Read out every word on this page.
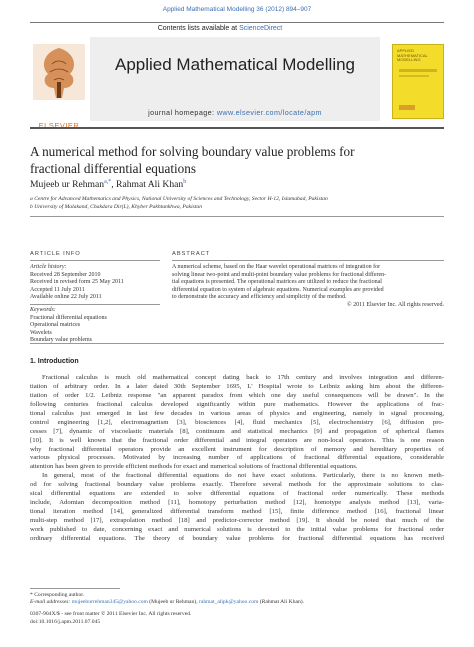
Applied Mathematical Modelling 36 (2012) 894–907
Contents lists available at ScienceDirect
ELSEVIER
Applied Mathematical Modelling
journal homepage: www.elsevier.com/locate/apm
APPLIED MATHEMATICAL MODELLING
A numerical method for solving boundary value problems for
fractional differential equations
Mujeeb ur Rehman$^{a,*}$, Rahmat Ali Khan$^b$
a Centre for Advanced Mathematics and Physics, National University of Sciences and Technology, Sector H-12, Islamabad, Pakistan
b University of Malakand, Chakdara Dir(L), Khyber Pakhtunkhwa, Pakistan
ARTICLE INFO	ABSTRACT
Article history:
Received 28 September 2010
Received in revised form 25 May 2011
Accepted 11 July 2011
Available online 22 July 2011
Keywords:
Fractional differential equations
Operational matrices
Wavelets
Boundary value problems
A numerical scheme, based on the Haar wavelet operational matrices of integration for
solving linear two-point and multi-point boundary value problems for fractional differen-
tial equations is presented. The operational matrices are utilized to reduce the fractional
differential equation to system of algebraic equations. Numerical examples are provided
to demonstrate the accuracy and efficiency and simplicity of the method.
© 2011 Elsevier Inc. All rights reserved.
1. Introduction
Fractional calculus is much old mathematical concept dating back to 17th century and involves integration and differen-
tiation of arbitrary order. In a later dated 30th September 1695, L' Hospital wrote to Leibniz asking him about the differen-
tiation of order 1/2. Leibniz response "an apparent paradox from which one day useful consequences will be drawn". In the
following centuries fractional calculus developed significantly within pure mathematics. However the applications of frac-
tional calculus just emerged in last few decades in various areas of physics and engineering, namely in signal processing,
control engineering [1,2], electromagnetism [3], biosciences [4], fluid mechanics [5], electrochemistry [6], diffusion pro-
cesses [7], dynamic of viscoelastic materials [8], continuum and statistical mechanics [9] and propagation of spherical flames
[10]. It is well known that the fractional order differential and integral operators are non-local operators. This is one reason
why fractional differential operators provide an excellent instrument for description of memory and hereditary properties of
various physical processes. Motivated by increasing number of applications of fractional differential equations, considerable
attention has been given to provide efficient methods for exact and numerical solutions of fractional differential equations.
In general, most of the fractional differential equations do not have exact solutions. Particularly, there is no known meth-
od for solving fractional boundary value problems exactly. Therefore several methods for the approximate solutions to clas-
sical differential equations are extended to solve differential equations of fractional order numerically. These methods
include, Adomian decomposition method [11], homotopy perturbation method [12], homotype analysis method [13], varia-
tional iteration method [14], generalized differential transform method [15], finite difference method [16], fractional linear
multi-step method [17], extrapolation method [18] and predictor-corrector method [19]. It should be noted that much of the
work published to date, concerning exact and numerical solutions is devoted to the initial value problems for fractional order
ordinary differential equations. The theory of boundary value problems for fractional differential equations has received
* Corresponding author.
E-mail addresses: mujeeburrehman345@yahoo.com (Mujeeb ur Rehman), rahmat_alipk@yahoo.com (Rahmat Ali Khan).
0307-904X/$ - see front matter © 2011 Elsevier Inc. All rights reserved.
doi:10.1016/j.apm.2011.07.045
